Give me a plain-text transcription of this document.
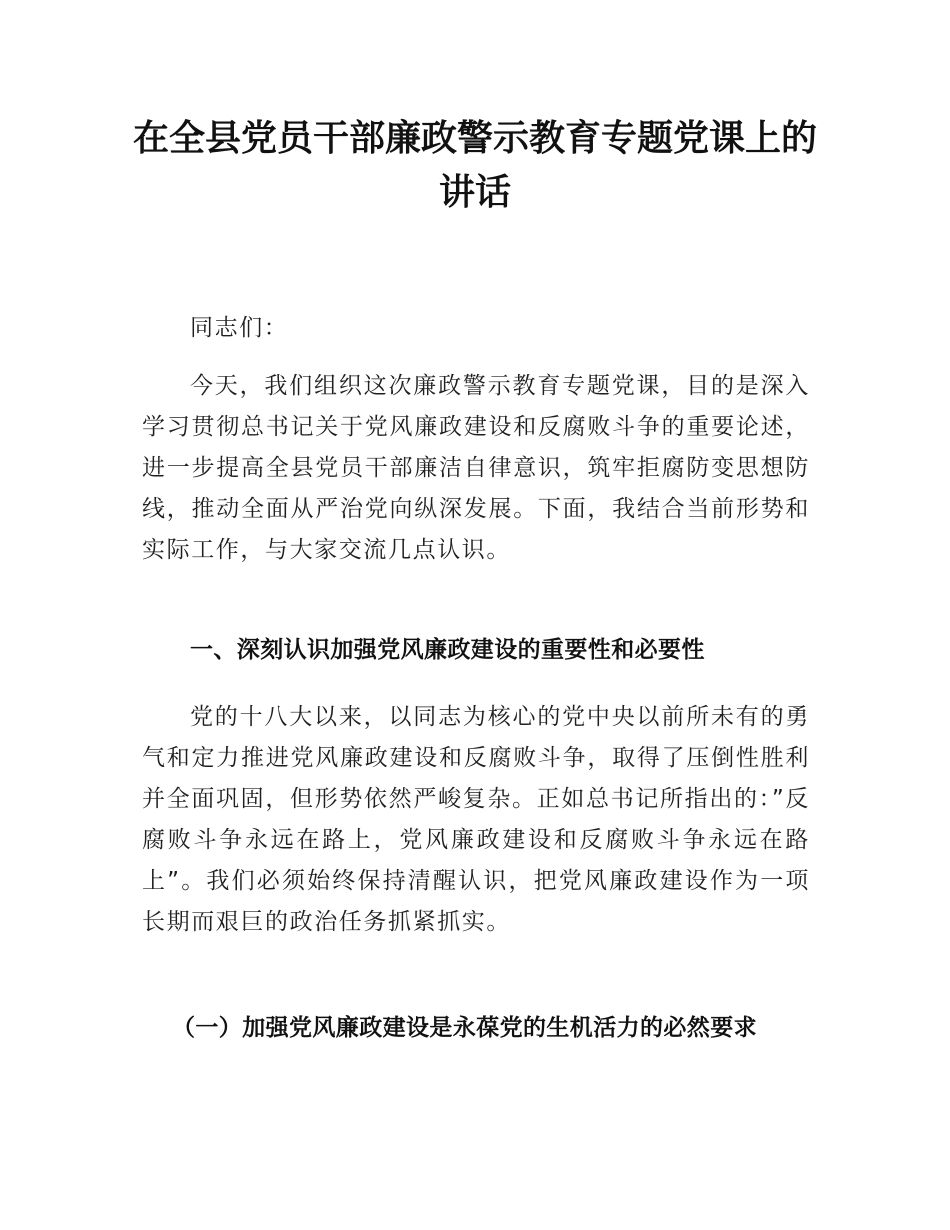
在全县党员干部廉政警示教育专题党课上的讲话

同志们：

今天，我们组织这次廉政警示教育专题党课，目的是深入学习贯彻总书记关于党风廉政建设和反腐败斗争的重要论述，进一步提高全县党员干部廉洁自律意识，筑牢拒腐防变思想防线，推动全面从严治党向纵深发展。下面，我结合当前形势和实际工作，与大家交流几点认识。

一、深刻认识加强党风廉政建设的重要性和必要性

党的十八大以来，以同志为核心的党中央以前所未有的勇气和定力推进党风廉政建设和反腐败斗争，取得了压倒性胜利并全面巩固，但形势依然严峻复杂。正如总书记所指出的：”反腐败斗争永远在路上，党风廉政建设和反腐败斗争永远在路上”。我们必须始终保持清醒认识，把党风廉政建设作为一项长期而艰巨的政治任务抓紧抓实。

（一）加强党风廉政建设是永葆党的生机活力的必然要求
